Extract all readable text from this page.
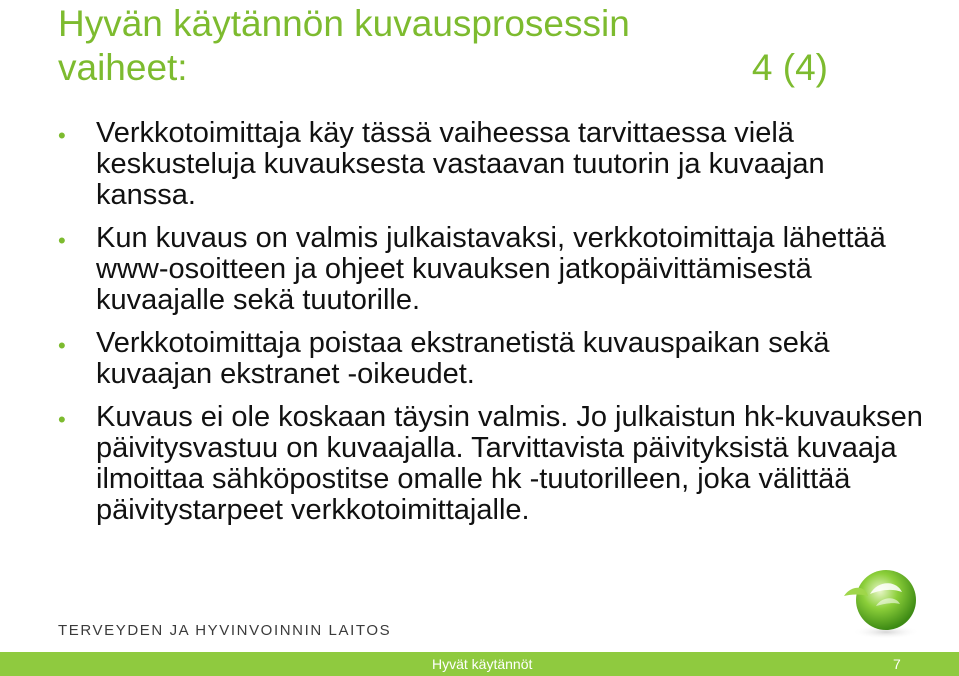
Hyvän käytännön kuvausprosessin
vaiheet:	4 (4)
• Verkkotoimittaja käy tässä vaiheessa tarvittaessa vielä keskusteluja kuvauksesta vastaavan tuutorin ja kuvaajan kanssa.
• Kun kuvaus on valmis julkaistavaksi, verkkotoimittaja lähettää www-osoitteen ja ohjeet kuvauksen jatkopäivittämisestä kuvaajalle sekä tuutorille.
• Verkkotoimittaja poistaa ekstranetistä kuvauspaikan sekä kuvaajan ekstranet -oikeudet.
• Kuvaus ei ole koskaan täysin valmis. Jo julkaistun hk-kuvauksen päivitysvastuu on kuvaajalla. Tarvittavista päivityksistä kuvaaja ilmoittaa sähköpostitse omalle hk -tuutorilleen, joka välittää päivitystarpeet verkkotoimittajalle.
TERVEYDEN JA HYVINVOINNIN LAITOS
Hyvät käytännöt	7
